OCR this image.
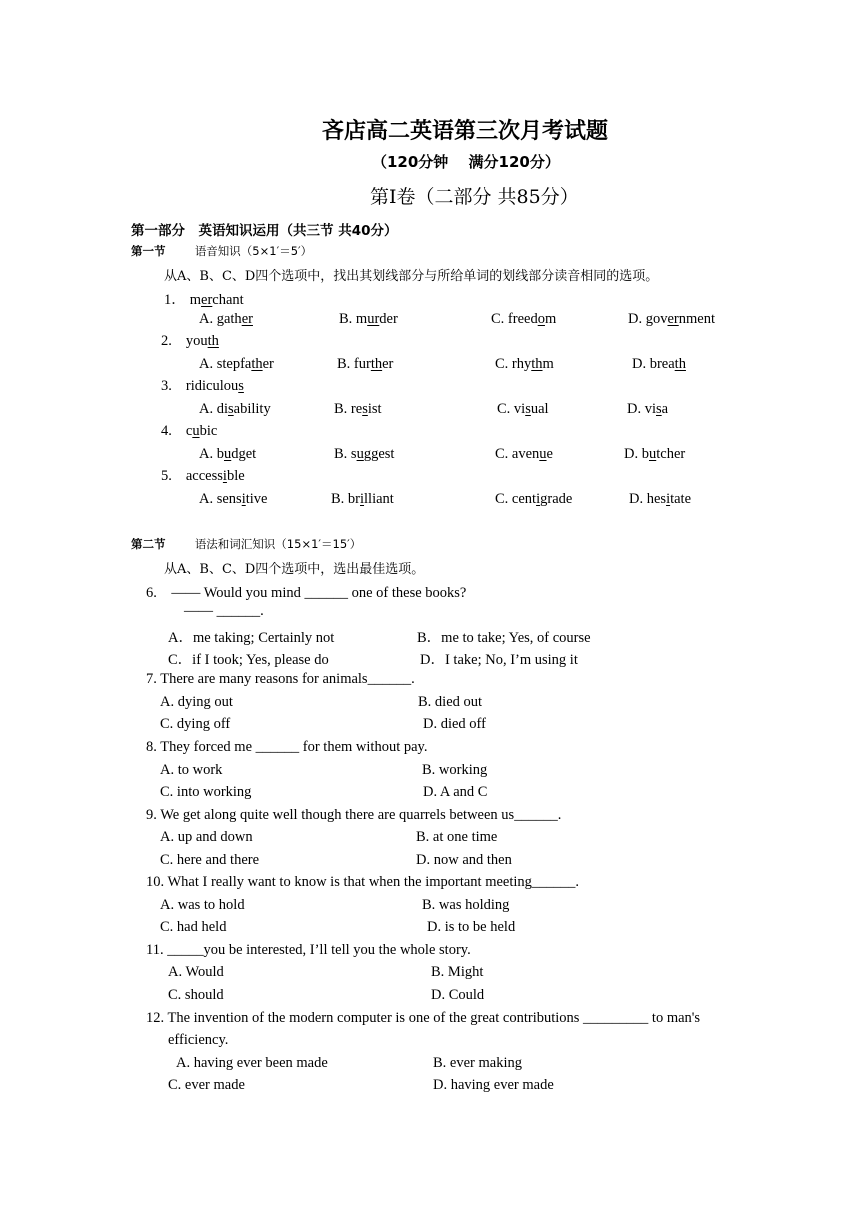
吝店高二英语第三次月考试题
（120分钟　 满分120分）
第Ⅰ卷（二部分 共85分）
第一部分　英语知识运用（共三节 共40分）
第一节	语音知识（5×1′＝5′）
从A、B、C、D四个选项中，找出其划线部分与所给单词的划线部分读音相同的选项。
1． merchant
A. gather	B. murder	C. freedom	D. government
2. youth
A. stepfather	B. further	C. rhythm	D. breath
3. ridiculous
A. disability	B. resist	C. visual	D. visa
4. cubic
A. budget	B. suggest	C. avenue	D. butcher
5. accessible
A. sensitive	B. brilliant	C. centigrade	D. hesitate
第二节	语法和词汇知识（15×1′＝15′）
从A、B、C、D四个选项中，选出最佳选项。
6.　—— Would you mind ______ one of these books?
—— ______.
A．me taking; Certainly not	B．me to take; Yes, of course
C．if I took; Yes, please do	D．I take; No, I’m using it
7. There are many reasons for animals______.
A. dying out	B. died out
C. dying off	D. died off
8. They forced me ______ for them without pay.
A. to work	B. working
C. into working	D. A and C
9. We get along quite well though there are quarrels between us______.
A. up and down	B. at one time
C. here and there	D. now and then
10. What I really want to know is that when the important meeting______.
A. was to hold	B. was holding
C. had held	D. is to be held
11. _____you be interested, I’ll tell you the whole story.
A. Would	B. Might
C. should	D. Could
12. The invention of the modern computer is one of the great contributions _________ to man's
efficiency.
A. having ever been made	B. ever making
C. ever made	D. having ever made
